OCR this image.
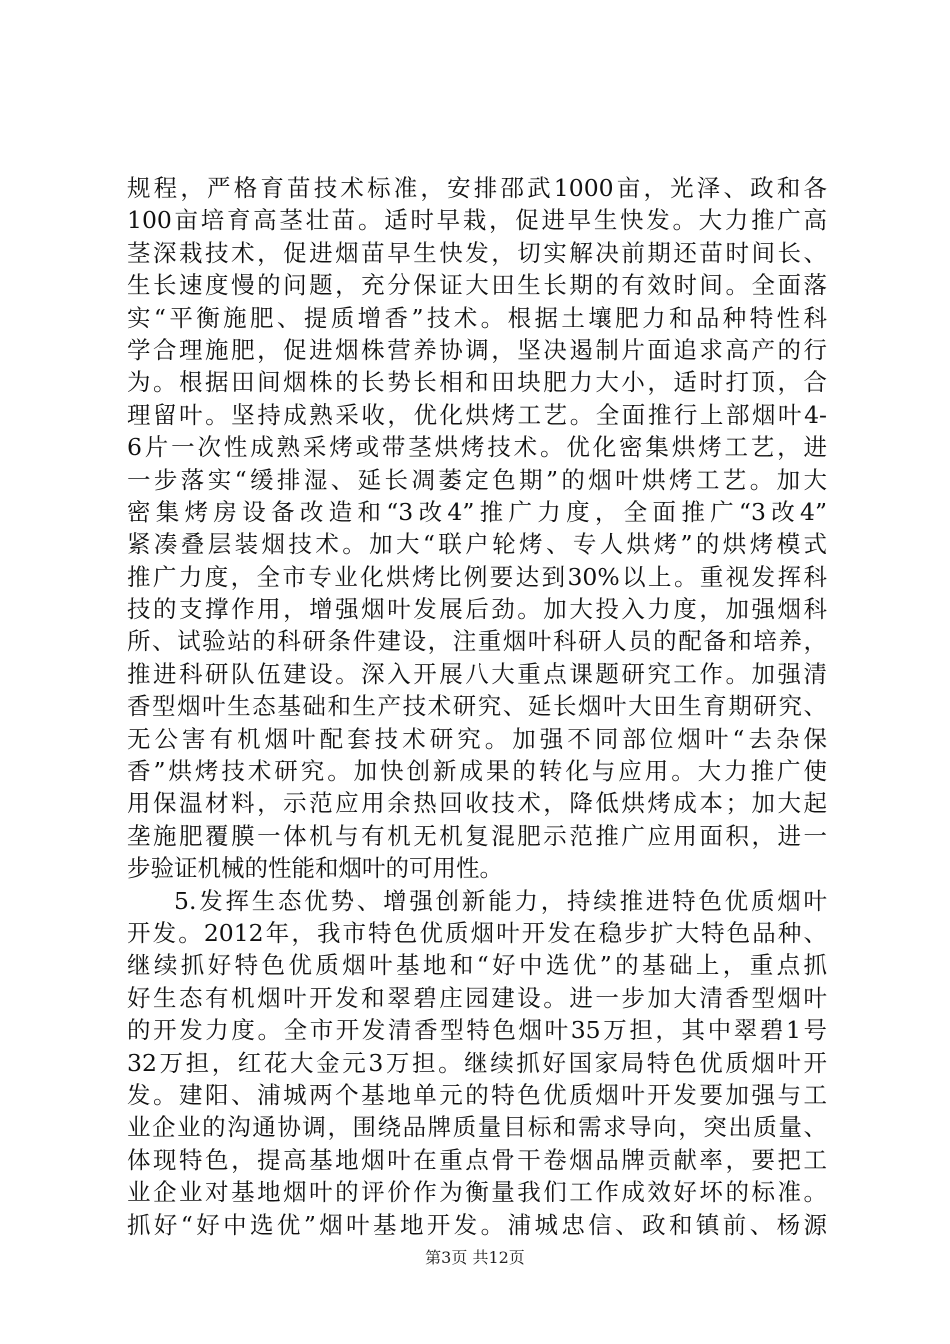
规程，严格育苗技术标准，安排邵武1000亩，光泽、政和各
100亩培育高茎壮苗。适时早栽，促进早生快发。大力推广高
茎深栽技术，促进烟苗早生快发，切实解决前期还苗时间长、
生长速度慢的问题，充分保证大田生长期的有效时间。全面落
实“平衡施肥、提质增香”技术。根据土壤肥力和品种特性科
学合理施肥，促进烟株营养协调，坚决遏制片面追求高产的行
为。根据田间烟株的长势长相和田块肥力大小，适时打顶，合
理留叶。坚持成熟采收，优化烘烤工艺。全面推行上部烟叶4-
6片一次性成熟采烤或带茎烘烤技术。优化密集烘烤工艺，进
一步落实“缓排湿、延长凋萎定色期”的烟叶烘烤工艺。加大
密集烤房设备改造和“3改4”推广力度，全面推广“3改4”
紧凑叠层装烟技术。加大“联户轮烤、专人烘烤”的烘烤模式
推广力度，全市专业化烘烤比例要达到30%以上。重视发挥科
技的支撑作用，增强烟叶发展后劲。加大投入力度，加强烟科
所、试验站的科研条件建设，注重烟叶科研人员的配备和培养，
推进科研队伍建设。深入开展八大重点课题研究工作。加强清
香型烟叶生态基础和生产技术研究、延长烟叶大田生育期研究、
无公害有机烟叶配套技术研究。加强不同部位烟叶“去杂保
香”烘烤技术研究。加快创新成果的转化与应用。大力推广使
用保温材料，示范应用余热回收技术，降低烘烤成本；加大起
垄施肥覆膜一体机与有机无机复混肥示范推广应用面积，进一
步验证机械的性能和烟叶的可用性。
5.发挥生态优势、增强创新能力，持续推进特色优质烟叶
开发。2012年，我市特色优质烟叶开发在稳步扩大特色品种、
继续抓好特色优质烟叶基地和“好中选优”的基础上，重点抓
好生态有机烟叶开发和翠碧庄园建设。进一步加大清香型烟叶
的开发力度。全市开发清香型特色烟叶35万担，其中翠碧1号
32万担，红花大金元3万担。继续抓好国家局特色优质烟叶开
发。建阳、浦城两个基地单元的特色优质烟叶开发要加强与工
业企业的沟通协调，围绕品牌质量目标和需求导向，突出质量、
体现特色，提高基地烟叶在重点骨干卷烟品牌贡献率，要把工
业企业对基地烟叶的评价作为衡量我们工作成效好坏的标准。
抓好“好中选优”烟叶基地开发。浦城忠信、政和镇前、杨源
第3页 共12页
